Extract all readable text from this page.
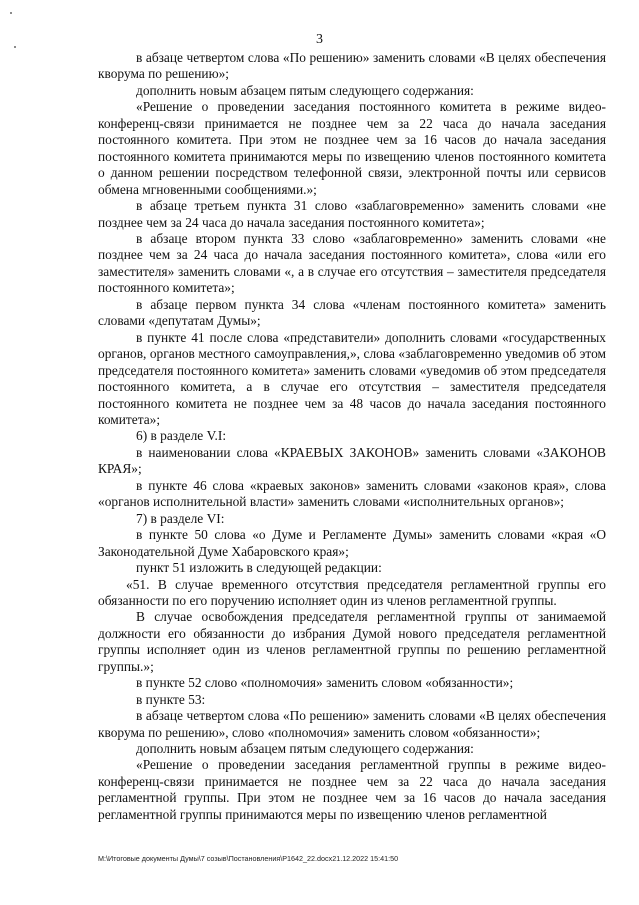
3

в абзаце четвертом слова «По решению» заменить словами «В целях обеспечения кворума по решению»;

дополнить новым абзацем пятым следующего содержания:

«Решение о проведении заседания постоянного комитета в режиме видео-конференц-связи принимается не позднее чем за 22 часа до начала заседания постоянного комитета. При этом не позднее чем за 16 часов до начала заседания постоянного комитета принимаются меры по извещению членов постоянного комитета о данном решении посредством телефонной связи, электронной почты или сервисов обмена мгновенными сообщениями.»;

в абзаце третьем пункта 31 слово «заблаговременно» заменить словами «не позднее чем за 24 часа до начала заседания постоянного комитета»;

в абзаце втором пункта 33 слово «заблаговременно» заменить словами «не позднее чем за 24 часа до начала заседания постоянного комитета», слова «или его заместителя» заменить словами «, а в случае его отсутствия – заместителя председателя постоянного комитета»;

в абзаце первом пункта 34 слова «членам постоянного комитета» заменить словами «депутатам Думы»;

в пункте 41 после слова «представители» дополнить словами «государственных органов, органов местного самоуправления,», слова «заблаговременно уведомив об этом председателя постоянного комитета» заменить словами «уведомив об этом председателя постоянного комитета, а в случае его отсутствия – заместителя председателя постоянного комитета не позднее чем за 48 часов до начала заседания постоянного комитета»;

6) в разделе V.I:

в наименовании слова «КРАЕВЫХ ЗАКОНОВ» заменить словами «ЗАКОНОВ КРАЯ»;

в пункте 46 слова «краевых законов» заменить словами «законов края», слова «органов исполнительной власти» заменить словами «исполнительных органов»;

7) в разделе VI:

в пункте 50 слова «о Думе и Регламенте Думы» заменить словами «края «О Законодательной Думе Хабаровского края»;

пункт 51 изложить в следующей редакции:

«51. В случае временного отсутствия председателя регламентной группы его обязанности по его поручению исполняет один из членов регламентной группы.

В случае освобождения председателя регламентной группы от занимаемой должности его обязанности до избрания Думой нового председателя регламентной группы исполняет один из членов регламентной группы по решению регламентной группы.»;

в пункте 52 слово «полномочия» заменить словом «обязанности»;

в пункте 53:

в абзаце четвертом слова «По решению» заменить словами «В целях обеспечения кворума по решению», слово «полномочия» заменить словом «обязанности»;

дополнить новым абзацем пятым следующего содержания:

«Решение о проведении заседания регламентной группы в режиме видео-конференц-связи принимается не позднее чем за 22 часа до начала заседания регламентной группы. При этом не позднее чем за 16 часов до начала заседания регламентной группы принимаются меры по извещению членов регламентной

M:\Итоговые документы Думы\7 созыв\Постановления\P1642_22.docx21.12.2022 15:41:50
